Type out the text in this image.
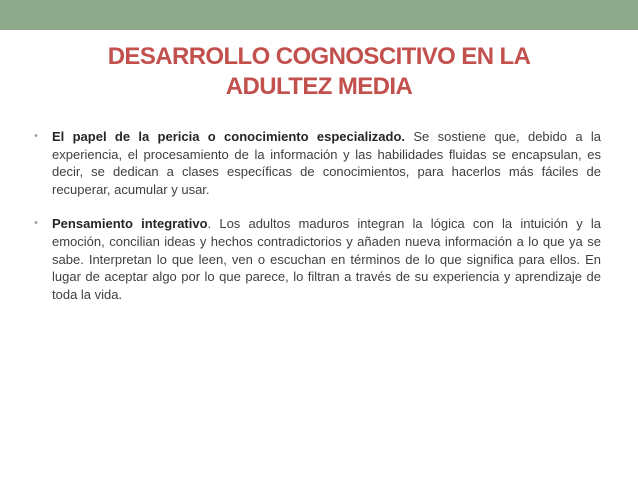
DESARROLLO COGNOSCITIVO EN LA
ADULTEZ MEDIA
• El papel de la pericia o conocimiento especializado. Se sostiene que, debido a la experiencia, el procesamiento de la información y las habilidades fluidas se encapsulan, es decir, se dedican a clases específicas de conocimientos, para hacerlos más fáciles de recuperar, acumular y usar.
• Pensamiento integrativo. Los adultos maduros integran la lógica con la intuición y la emoción, concilian ideas y hechos contradictorios y añaden nueva información a lo que ya se sabe. Interpretan lo que leen, ven o escuchan en términos de lo que significa para ellos. En lugar de aceptar algo por lo que parece, lo filtran a través de su experiencia y aprendizaje de toda la vida.
